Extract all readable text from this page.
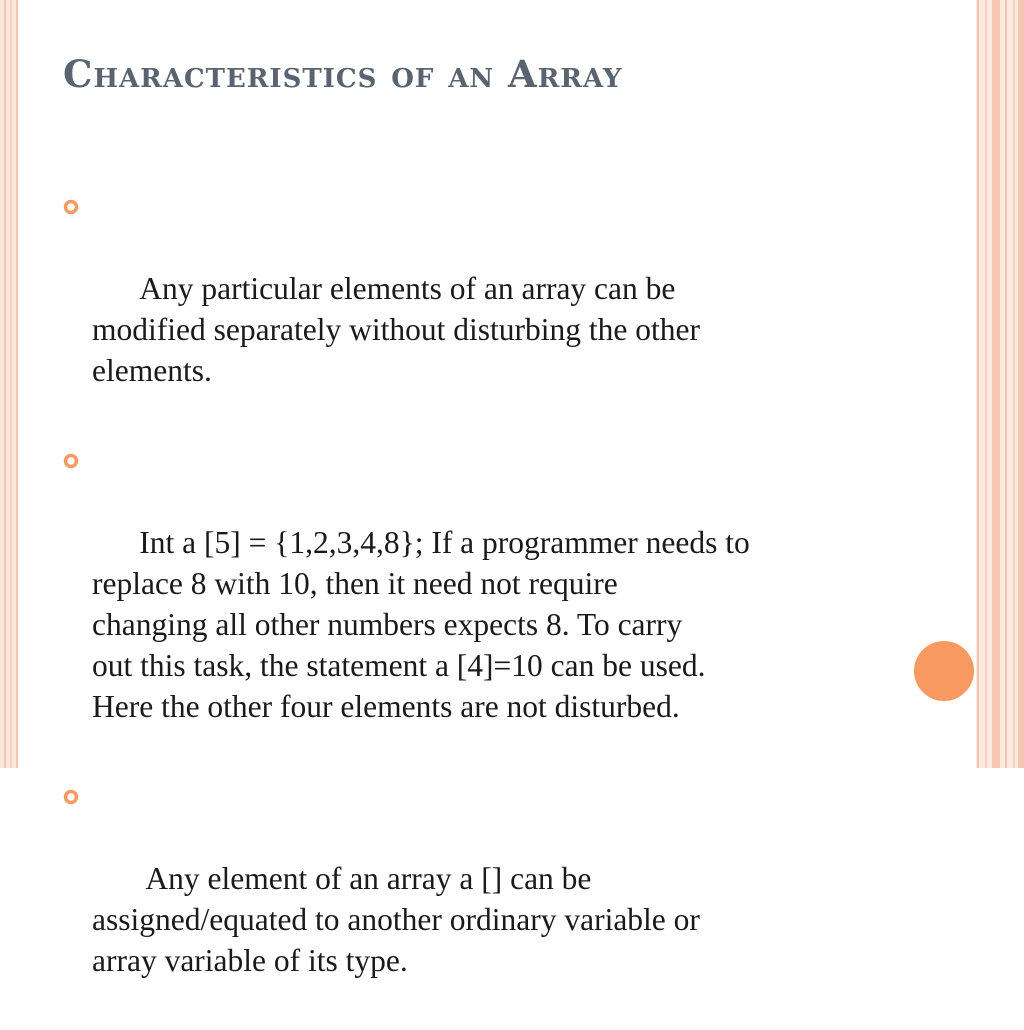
Characteristics of an Array

Any particular elements of an array can be
modified separately without disturbing the other
elements.

Int a [5] = {1,2,3,4,8}; If a programmer needs to
replace 8 with 10, then it need not require
changing all other numbers expects 8. To carry
out this task, the statement a [4]=10 can be used.
Here the other four elements are not disturbed.

Any element of an array a [] can be
assigned/equated to another ordinary variable or
array variable of its type.
